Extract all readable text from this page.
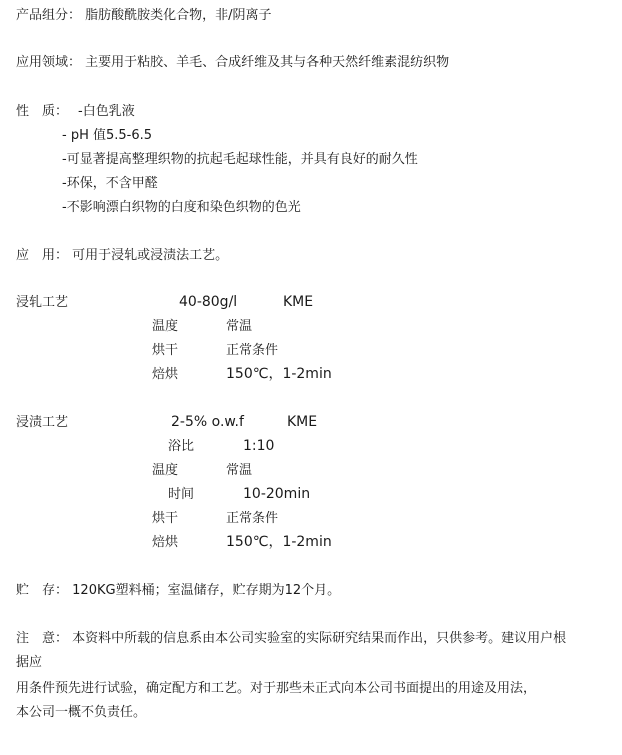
产品组分： 脂肪酸酰胺类化合物，非/阴离子
应用领域： 主要用于粘胶、羊毛、合成纤维及其与各种天然纤维素混纺织物
性　质： -白色乳液
- pH 值5.5-6.5
-可显著提高整理织物的抗起毛起球性能，并具有良好的耐久性
-环保，不含甲醛
-不影响漂白织物的白度和染色织物的色光
应　用： 可用于浸轧或浸渍法工艺。
浸轧工艺	40-80g/l	KME
温度	常温
烘干	正常条件
焙烘	150℃，1-2min
浸渍工艺	2-5% o.w.f	KME
浴比	1:10
温度	常温
时间	10-20min
烘干	正常条件
焙烘	150℃，1-2min
贮　存： 120KG塑料桶；室温储存，贮存期为12个月。
注　意： 本资料中所载的信息系由本公司实验室的实际研究结果而作出，只供参考。建议用户根
据应
用条件预先进行试验，确定配方和工艺。对于那些未正式向本公司书面提出的用途及用法，
本公司一概不负责任。
